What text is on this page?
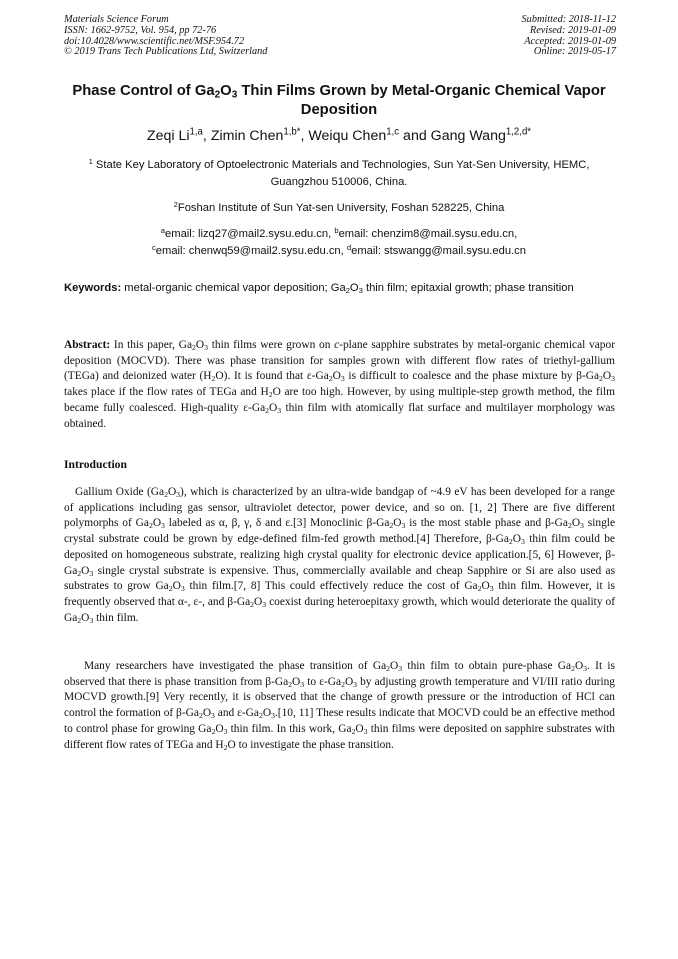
Materials Science Forum
ISSN: 1662-9752, Vol. 954, pp 72-76
doi:10.4028/www.scientific.net/MSF.954.72
© 2019 Trans Tech Publications Ltd, Switzerland
Submitted: 2018-11-12
Revised: 2019-01-09
Accepted: 2019-01-09
Online: 2019-05-17
Phase Control of $Ga_2O_3$ Thin Films Grown by Metal-Organic Chemical Vapor Deposition
Zeqi Li$^{1,a}$, Zimin Chen$^{1,b*}$, Weiqu Chen$^{1,c}$ and Gang Wang$^{1,2,d*}$
$^1$ State Key Laboratory of Optoelectronic Materials and Technologies, Sun Yat-Sen University, HEMC, Guangzhou 510006, China.
$^2$Foshan Institute of Sun Yat-sen University, Foshan 528225, China
$^a$email: lizq27@mail2.sysu.edu.cn, $^b$email: chenzim8@mail.sysu.edu.cn,
$^c$email: chenwq59@mail2.sysu.edu.cn, $^d$email: stswangg@mail.sysu.edu.cn
Keywords: metal-organic chemical vapor deposition; $Ga_2O_3$ thin film; epitaxial growth; phase transition
Abstract: In this paper, $Ga_2O_3$ thin films were grown on c-plane sapphire substrates by metal-organic chemical vapor deposition (MOCVD). There was phase transition for samples grown with different flow rates of triethyl-gallium (TEGa) and deionized water $(H_2O)$. It is found that $\varepsilon-Ga_2O_3$ is difficult to coalesce and the phase mixture by $\beta-Ga_2O_3$ takes place if the flow rates of TEGa and $H_2O$ are too high. However, by using multiple-step growth method, the film became fully coalesced. High-quality $\varepsilon-Ga_2O_3$ thin film with atomically flat surface and multilayer morphology was obtained.
Introduction
Gallium Oxide $(Ga_2O_3)$, which is characterized by an ultra-wide bandgap of ~4.9 eV has been developed for a range of applications including gas sensor, ultraviolet detector, power device, and so on. [1, 2] There are five different polymorphs of $Ga_2O_3$ labeled as α, β, γ, δ and ε.[3] Monoclinic $\beta-Ga_2O_3$ is the most stable phase and $\beta-Ga_2O_3$ single crystal substrate could be grown by edge-defined film-fed growth method.[4] Therefore, $\beta-Ga_2O_3$ thin film could be deposited on homogeneous substrate, realizing high crystal quality for electronic device application.[5, 6] However, $\beta-Ga_2O_3$ single crystal substrate is expensive. Thus, commercially available and cheap Sapphire or Si are also used as substrates to grow $Ga_2O_3$ thin film.[7, 8] This could effectively reduce the cost of $Ga_2O_3$ thin film. However, it is frequently observed that α-, ε-, and $\beta-Ga_2O_3$ coexist during heteroepitaxy growth, which would deteriorate the quality of $Ga_2O_3$ thin film.
Many researchers have investigated the phase transition of $Ga_2O_3$ thin film to obtain pure-phase $Ga_2O_3$. It is observed that there is phase transition from $\beta-Ga_2O_3$ to $\varepsilon-Ga_2O_3$ by adjusting growth temperature and VI/III ratio during MOCVD growth.[9] Very recently, it is observed that the change of growth pressure or the introduction of HCl can control the formation of $\beta-Ga_2O_3$ and $\varepsilon-Ga_2O_3.[10$, 11] These results indicate that MOCVD could be an effective method to control phase for growing $Ga_2O_3$ thin film. In this work, $Ga_2O_3$ thin films were deposited on sapphire substrates with different flow rates of TEGa and $H_2O$ to investigate the phase transition.
